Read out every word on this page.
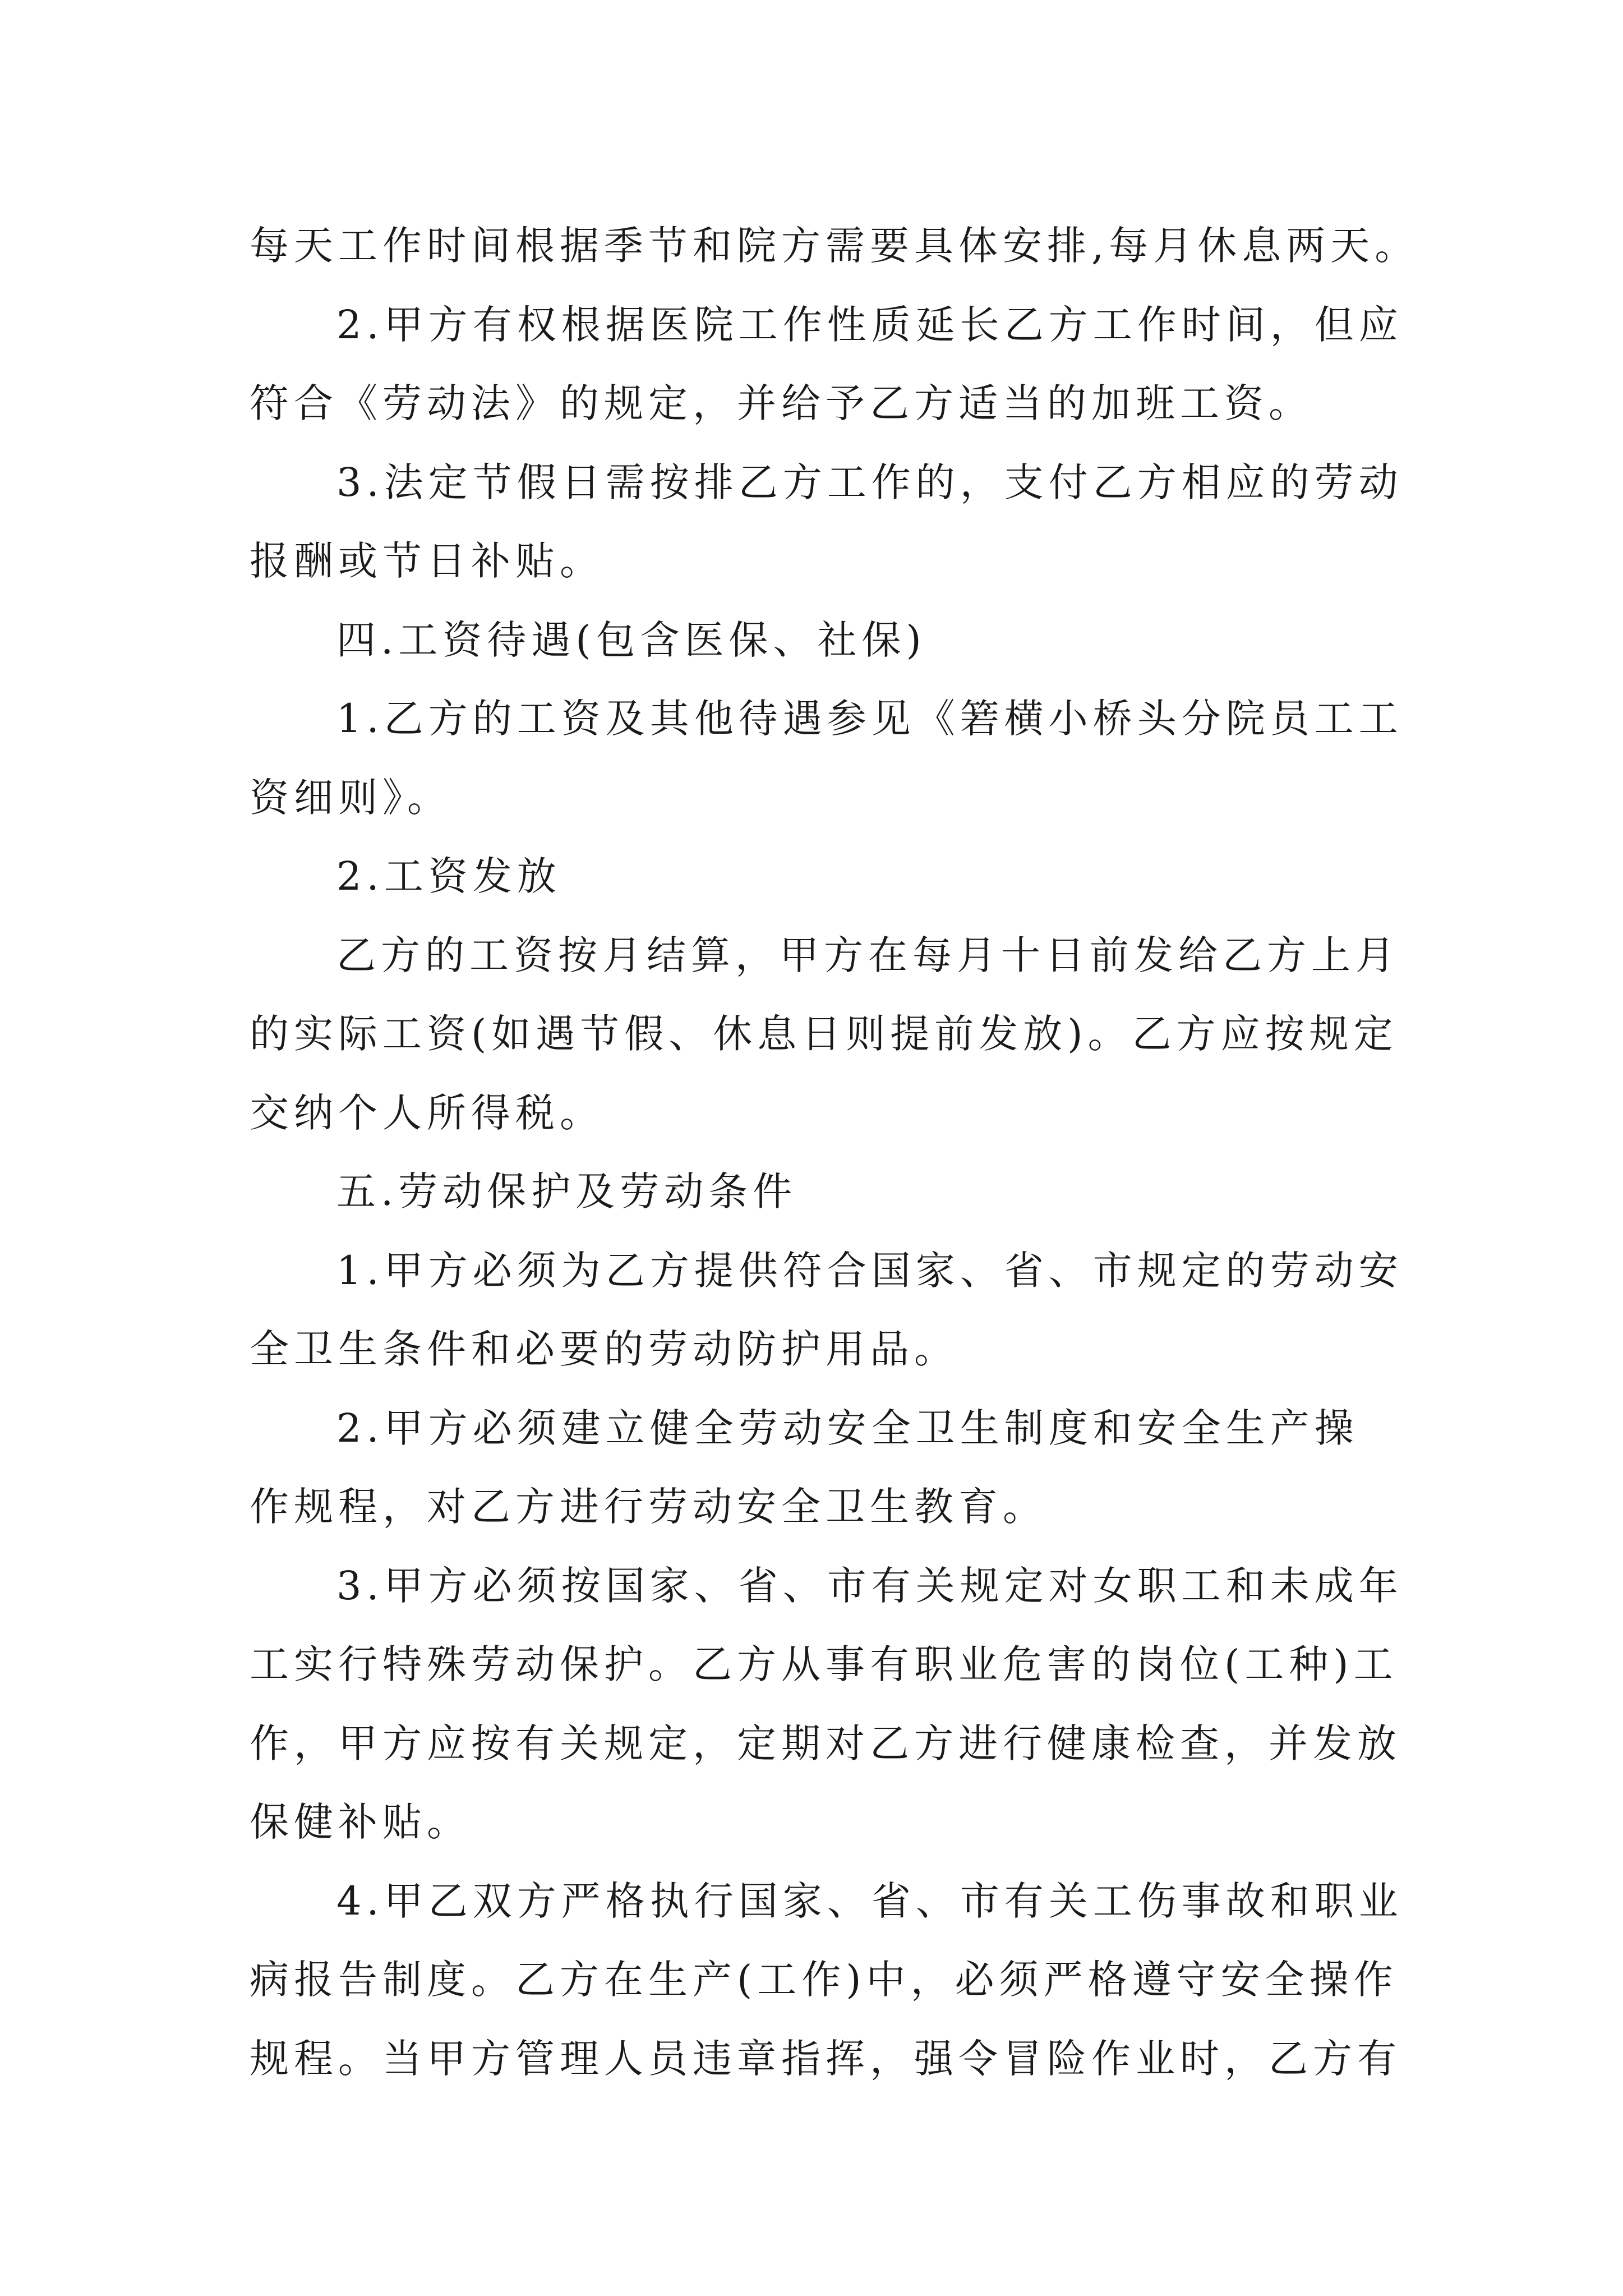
每天工作时间根据季节和院方需要具体安排,每月休息两天。

2.甲方有权根据医院工作性质延长乙方工作时间，但应

符合《劳动法》的规定，并给予乙方适当的加班工资。

3.法定节假日需按排乙方工作的，支付乙方相应的劳动

报酬或节日补贴。

四.工资待遇(包含医保、社保)

1.乙方的工资及其他待遇参见《箬横小桥头分院员工工

资细则》。

2.工资发放

乙方的工资按月结算，甲方在每月十日前发给乙方上月

的实际工资(如遇节假、休息日则提前发放)。乙方应按规定

交纳个人所得税。

五.劳动保护及劳动条件

1.甲方必须为乙方提供符合国家、省、市规定的劳动安

全卫生条件和必要的劳动防护用品。

2.甲方必须建立健全劳动安全卫生制度和安全生产操

作规程，对乙方进行劳动安全卫生教育。

3.甲方必须按国家、省、市有关规定对女职工和未成年

工实行特殊劳动保护。乙方从事有职业危害的岗位(工种)工

作，甲方应按有关规定，定期对乙方进行健康检查，并发放

保健补贴。

4.甲乙双方严格执行国家、省、市有关工伤事故和职业

病报告制度。乙方在生产(工作)中，必须严格遵守安全操作

规程。当甲方管理人员违章指挥，强令冒险作业时，乙方有
